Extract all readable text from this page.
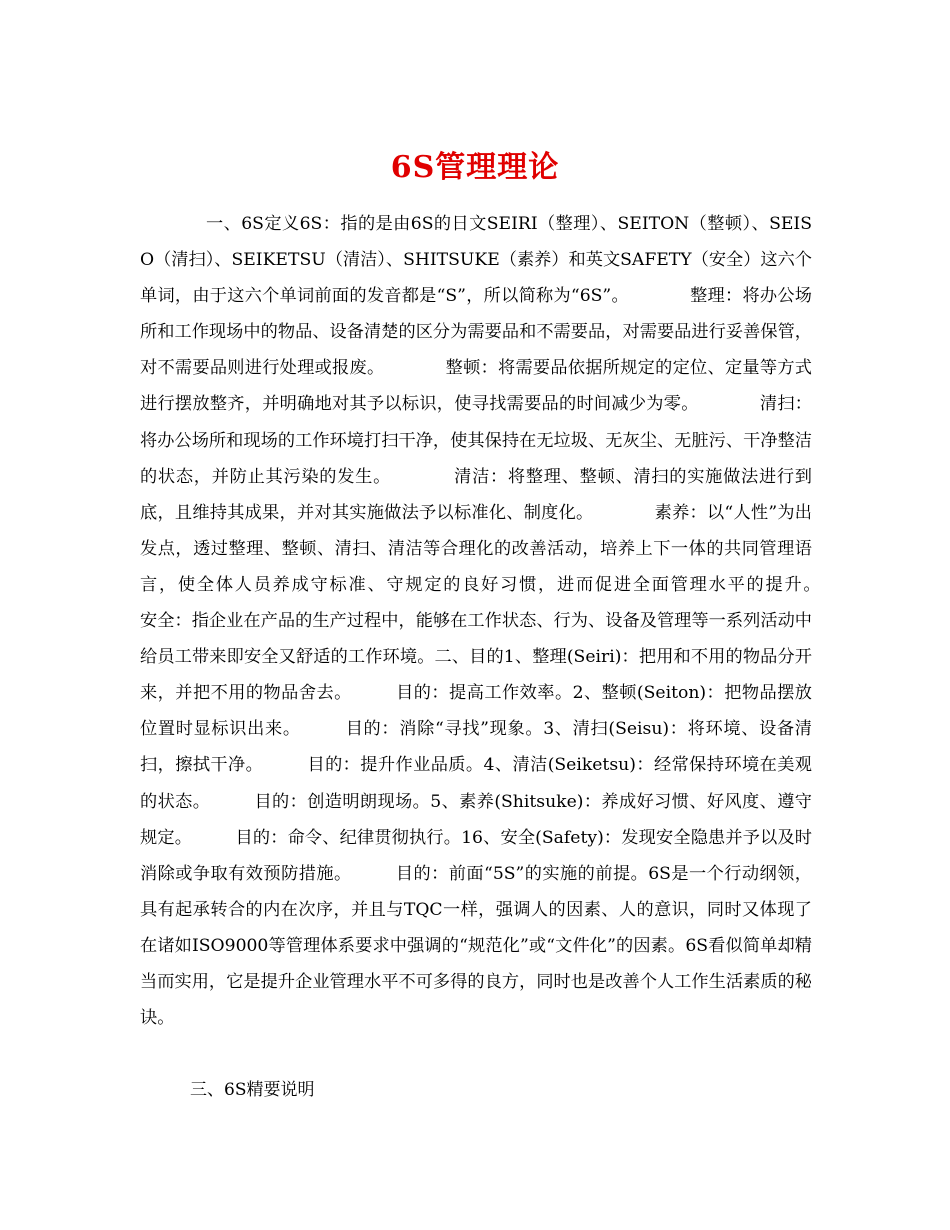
6S管理理论

一、6S定义6S：指的是由6S的日文SEIRI（整理）、SEITON（整顿）、SEISO（清扫）、SEIKETSU（清洁）、SHITSUKE（素养）和英文SAFETY（安全）这六个单词，由于这六个单词前面的发音都是“S”，所以简称为“6S”。　　　　整理：将办公场所和工作现场中的物品、设备清楚的区分为需要品和不需要品，对需要品进行妥善保管，对不需要品则进行处理或报废。　　　　整顿：将需要品依据所规定的定位、定量等方式进行摆放整齐，并明确地对其予以标识，使寻找需要品的时间减少为零。　　　　清扫：将办公场所和现场的工作环境打扫干净，使其保持在无垃圾、无灰尘、无脏污、干净整洁的状态，并防止其污染的发生。　　　　清洁：将整理、整顿、清扫的实施做法进行到底，且维持其成果，并对其实施做法予以标准化、制度化。　　　　素养：以“人性”为出发点，透过整理、整顿、清扫、清洁等合理化的改善活动，培养上下一体的共同管理语言，使全体人员养成守标准、守规定的良好习惯，进而促进全面管理水平的提升。　　　　安全：指企业在产品的生产过程中，能够在工作状态、行为、设备及管理等一系列活动中给员工带来即安全又舒适的工作环境。二、目的1、整理(Seiri)：把用和不用的物品分开来，并把不用的物品舍去。　　　目的：提高工作效率。2、整顿(Seiton)：把物品摆放位置时显标识出来。　　　目的：消除“寻找”现象。3、清扫(Seisu)：将环境、设备清扫，擦拭干净。　　　目的：提升作业品质。4、清洁(Seiketsu)：经常保持环境在美观的状态。　　　目的：创造明朗现场。5、素养(Shitsuke)：养成好习惯、好风度、遵守规定。　　　目的：命令、纪律贯彻执行。16、安全(Safety)：发现安全隐患并予以及时消除或争取有效预防措施。　　　目的：前面“5S”的实施的前提。6S是一个行动纲领，具有起承转合的内在次序，并且与TQC一样，强调人的因素、人的意识，同时又体现了在诸如ISO9000等管理体系要求中强调的“规范化”或“文件化”的因素。6S看似简单却精当而实用，它是提升企业管理水平不可多得的良方，同时也是改善个人工作生活素质的秘诀。

三、6S精要说明
